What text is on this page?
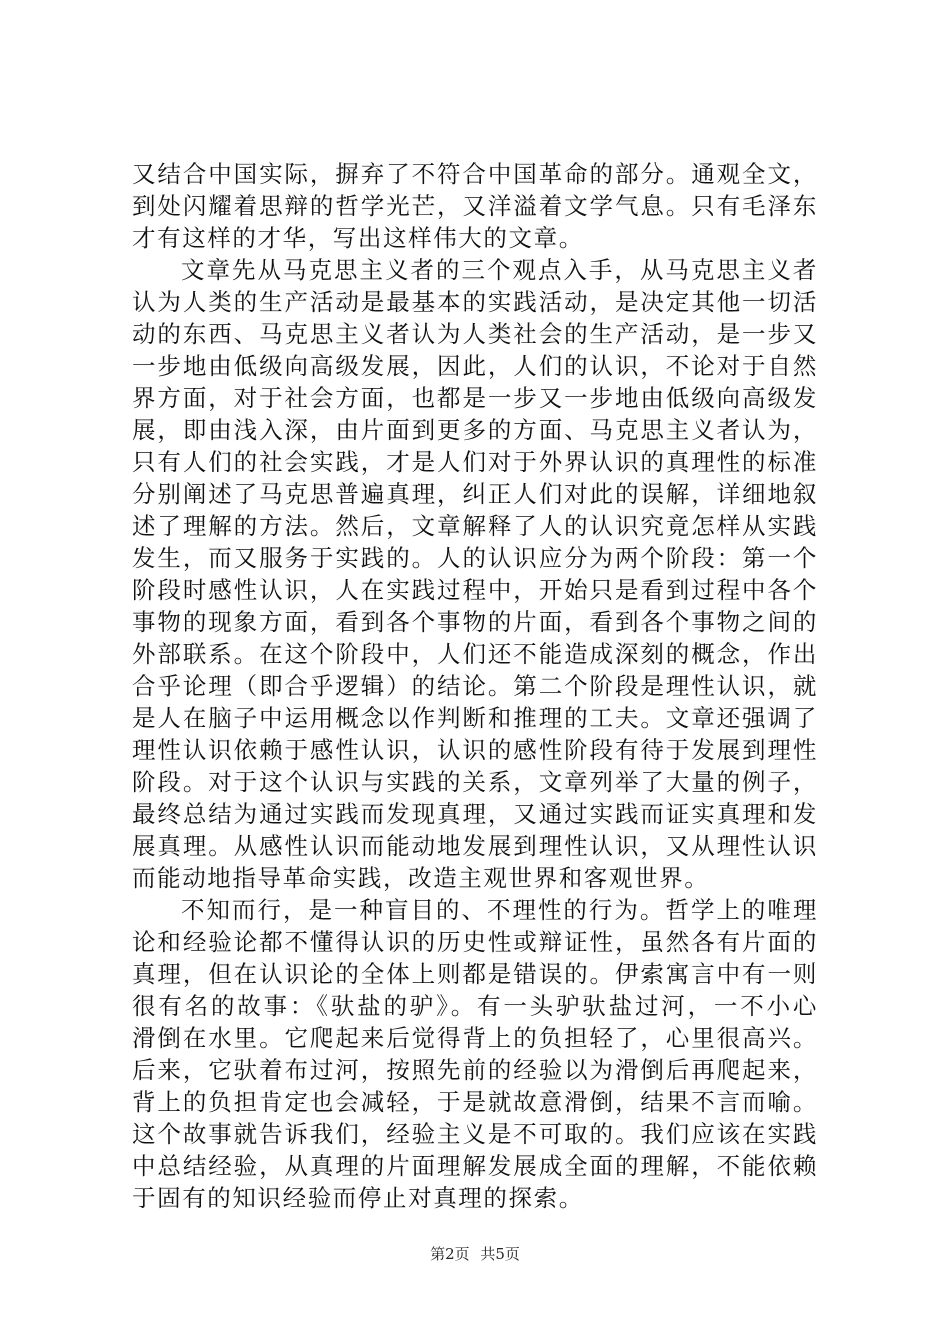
又结合中国实际，摒弃了不符合中国革命的部分。通观全文，
到处闪耀着思辩的哲学光芒，又洋溢着文学气息。只有毛泽东
才有这样的才华，写出这样伟大的文章。
文章先从马克思主义者的三个观点入手，从马克思主义者
认为人类的生产活动是最基本的实践活动，是决定其他一切活
动的东西、马克思主义者认为人类社会的生产活动，是一步又
一步地由低级向高级发展，因此，人们的认识，不论对于自然
界方面，对于社会方面，也都是一步又一步地由低级向高级发
展，即由浅入深，由片面到更多的方面、马克思主义者认为，
只有人们的社会实践，才是人们对于外界认识的真理性的标准
分别阐述了马克思普遍真理，纠正人们对此的误解，详细地叙
述了理解的方法。然后，文章解释了人的认识究竟怎样从实践
发生，而又服务于实践的。人的认识应分为两个阶段：第一个
阶段时感性认识，人在实践过程中，开始只是看到过程中各个
事物的现象方面，看到各个事物的片面，看到各个事物之间的
外部联系。在这个阶段中，人们还不能造成深刻的概念，作出
合乎论理（即合乎逻辑）的结论。第二个阶段是理性认识，就
是人在脑子中运用概念以作判断和推理的工夫。文章还强调了
理性认识依赖于感性认识，认识的感性阶段有待于发展到理性
阶段。对于这个认识与实践的关系，文章列举了大量的例子，
最终总结为通过实践而发现真理，又通过实践而证实真理和发
展真理。从感性认识而能动地发展到理性认识，又从理性认识
而能动地指导革命实践，改造主观世界和客观世界。
不知而行，是一种盲目的、不理性的行为。哲学上的唯理
论和经验论都不懂得认识的历史性或辩证性，虽然各有片面的
真理，但在认识论的全体上则都是错误的。伊索寓言中有一则
很有名的故事：《驮盐的驴》。有一头驴驮盐过河，一不小心
滑倒在水里。它爬起来后觉得背上的负担轻了，心里很高兴。
后来，它驮着布过河，按照先前的经验以为滑倒后再爬起来，
背上的负担肯定也会减轻，于是就故意滑倒，结果不言而喻。
这个故事就告诉我们，经验主义是不可取的。我们应该在实践
中总结经验，从真理的片面理解发展成全面的理解，不能依赖
于固有的知识经验而停止对真理的探索。
第2页 共5页
